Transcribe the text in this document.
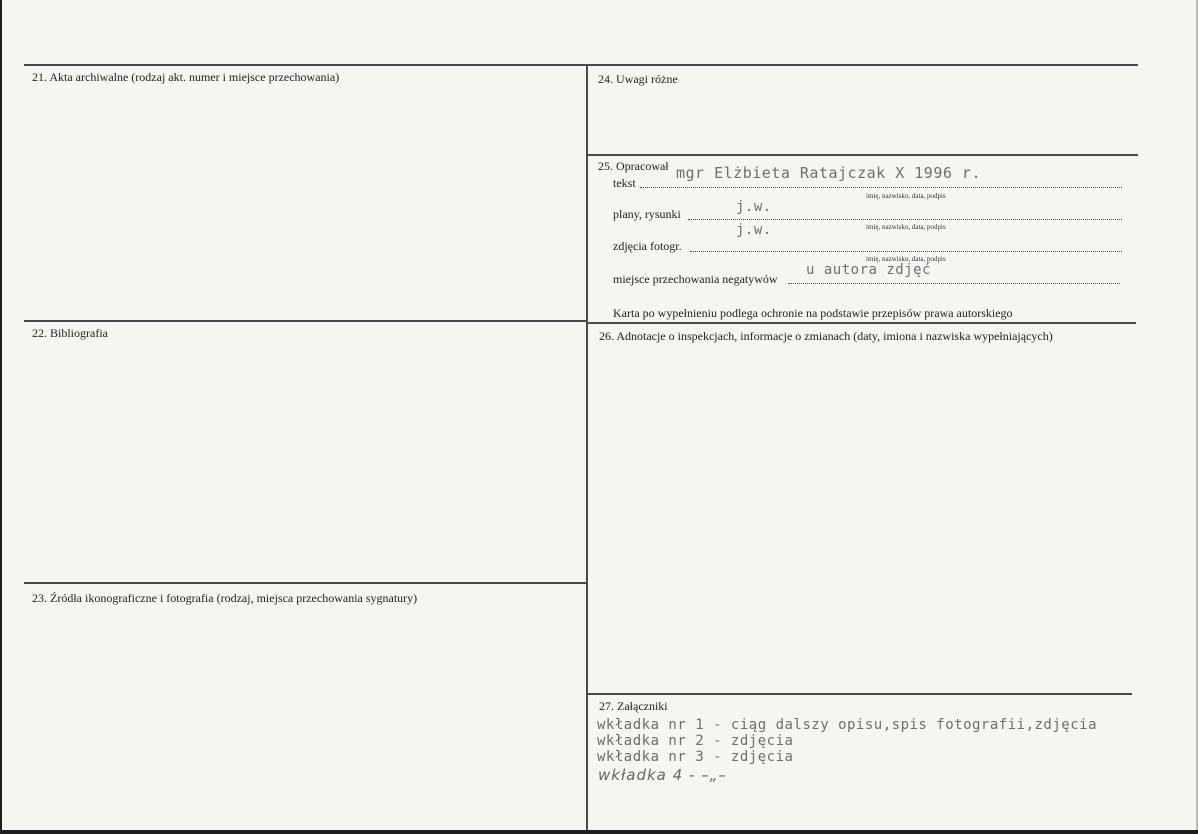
21. Akta archiwalne (rodzaj akt. numer i miejsce przechowania)
22. Bibliografia
23. Źródła ikonograficzne i fotografia (rodzaj, miejsca przechowania sygnatury)
24. Uwagi różne
25. Opracował mgr Elżbieta Ratajczak X 1996 r.
tekst
imię, nazwisko, data, podpis
j.w.
plany, rysunki
imię, nazwisko, data, podpis
j.w.
zdjęcia fotogr.
imię, nazwisko, data, podpis
u autora zdjęć
miejsce przechowania negatywów
Karta po wypełnieniu podlega ochronie na podstawie przepisów prawa autorskiego
26. Adnotacje o inspekcjach, informacje o zmianach (daty, imiona i nazwiska wypełniających)
27. Załączniki
wkładka nr 1 - ciąg dalszy opisu,spis fotografii,zdjęcia
wkładka nr 2 - zdjęcia
wkładka nr 3 - zdjęcia
wkładka 4 - –„–
